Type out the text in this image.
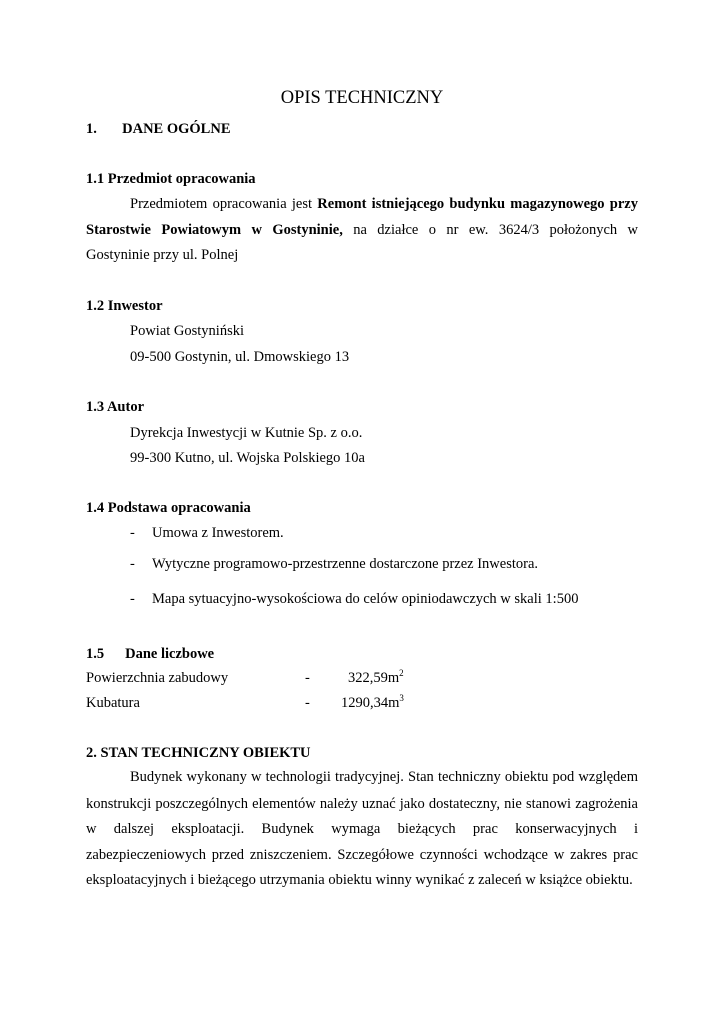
OPIS TECHNICZNY
1. DANE OGÓLNE
1.1 Przedmiot opracowania
Przedmiotem opracowania jest Remont istniejącego budynku magazynowego przy
Starostwie Powiatowym w Gostyninie, na działce o nr ew. 3624/3 położonych w
Gostyninie przy ul. Polnej
1.2 Inwestor
Powiat Gostyniński
09-500 Gostynin, ul. Dmowskiego 13
1.3 Autor
Dyrekcja Inwestycji w Kutnie Sp. z o.o.
99-300 Kutno, ul. Wojska Polskiego 10a
1.4 Podstawa opracowania
- Umowa z Inwestorem.
- Wytyczne programowo-przestrzenne dostarczone przez Inwestora.
- Mapa sytuacyjno-wysokościowa do celów opiniodawczych w skali 1:500
1.5 Dane liczbowe
Powierzchnia zabudowy	-	$322,59m^2$
Kubatura	- $1290,34m^3$
2. STAN TECHNICZNY OBIEKTU
Budynek wykonany w technologii tradycyjnej. Stan techniczny obiektu pod względem
konstrukcji poszczególnych elementów należy uznać jako dostateczny, nie stanowi zagrożenia
w dalszej eksploatacji. Budynek wymaga bieżących prac konserwacyjnych i
zabezpieczeniowych przed zniszczeniem. Szczegółowe czynności wchodzące w zakres prac
eksploatacyjnych i bieżącego utrzymania obiektu winny wynikać z zaleceń w książce obiektu.
